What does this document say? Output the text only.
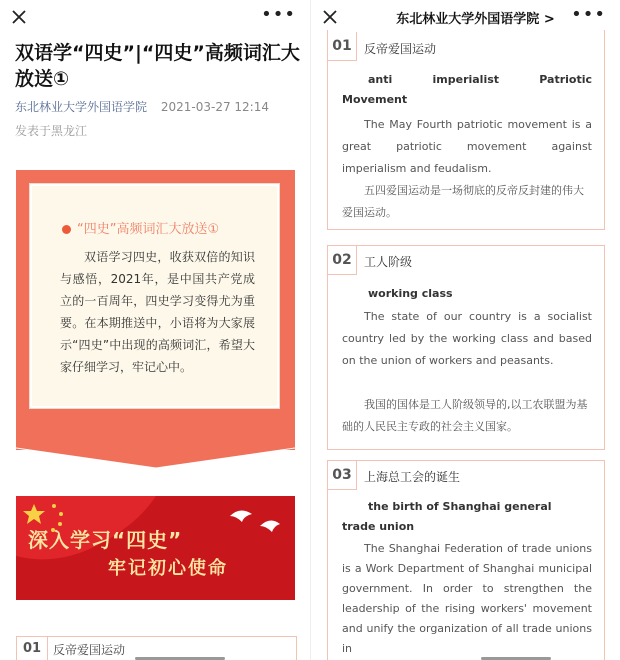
•••
双语学“四史”|“四史”高频词汇大放送①
东北林业大学外国语学院 2021-03-27 12:14
发表于黑龙江
“四史”高频词汇大放送①
双语学习四史，收获双倍的知识与感悟，2021年，是中国共产党成立的一百周年，四史学习变得尤为重要。在本期推送中，小语将为大家展示“四史”中出现的高频词汇，希望大家仔细学习，牢记心中。
深入学习“四史”
牢记初心使命
01 反帝爱国运动
东北林业大学外国语学院 > •••
01	反帝爱国运动
anti	imperialist	Patriotic
Movement
The May Fourth patriotic movement is a great patriotic movement against imperialism and feudalism.
五四爱国运动是一场彻底的反帝反封建的伟大爱国运动。
02	工人阶级
working class
The state of our country is a socialist country led by the working class and based on the union of workers and peasants.
我国的国体是工人阶级领导的,以工农联盟为基础的人民民主专政的社会主义国家。
03	上海总工会的诞生
the birth of Shanghai general trade union
The Shanghai Federation of trade unions is a Work Department of Shanghai municipal government. In order to strengthen the leadership of the rising workers' movement and unify the organization of all trade unions in
